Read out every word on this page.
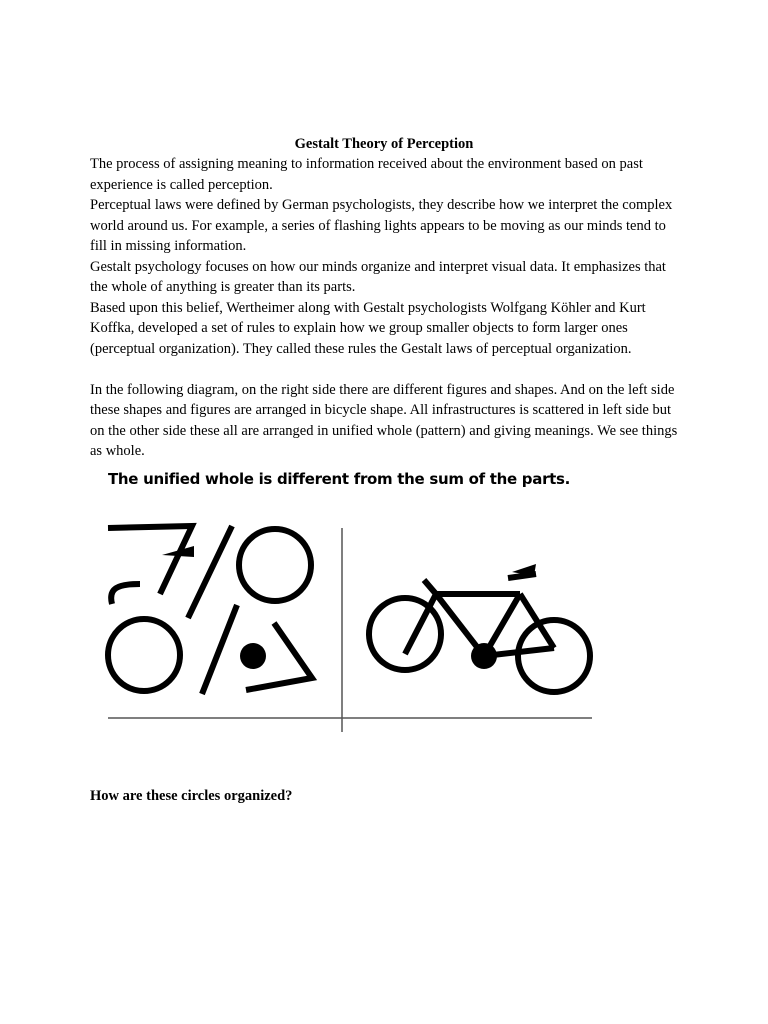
Gestalt Theory of Perception

The process of assigning meaning to information received about the environment based on past experience is called perception.

Perceptual laws were defined by German psychologists, they describe how we interpret the complex world around us. For example, a series of flashing lights appears to be moving as our minds tend to fill in missing information.

Gestalt psychology focuses on how our minds organize and interpret visual data. It emphasizes that the whole of anything is greater than its parts.

Based upon this belief, Wertheimer along with Gestalt psychologists Wolfgang Köhler and Kurt Koffka, developed a set of rules to explain how we group smaller objects to form larger ones (perceptual organization). They called these rules the Gestalt laws of perceptual organization.

In the following diagram, on the right side there are different figures and shapes. And on the left side these shapes and figures are arranged in bicycle shape. All infrastructures is scattered in left side but on the other side these all are arranged in unified whole (pattern) and giving meanings. We see things as whole.

The unified whole is different from the sum of the parts.

How are these circles organized?
